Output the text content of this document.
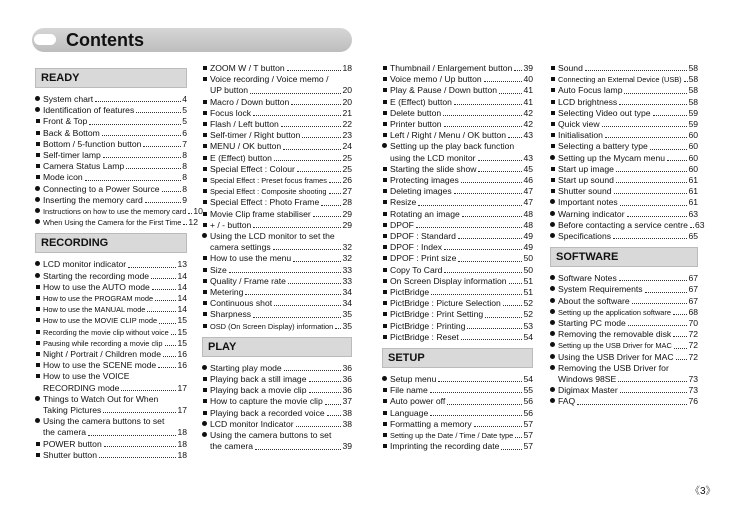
Contents
READY
System chart	4
Identification of features	5
Front & Top	5
Back & Bottom	6
Bottom / 5-function button	7
Self-timer lamp	8
Camera Status Lamp	8
Mode icon	8
Connecting to a Power Source	8
Inserting the memory card	9
Instructions on how to use the memory card 10
When Using the Camera for the First Time 12
RECORDING
LCD monitor indicator	13
Starting the recording mode	14
How to use the AUTO mode	14
How to use the PROGRAM mode	14
How to use the MANUAL mode	14
How to use the MOVIE CLIP mode 15
Recording the movie clip without voice 15
Pausing while recording a movie clip 15
Night / Portrait / Children mode 16
How to use the SCENE mode 16
How to use the VOICE
RECORDING mode	17
Things to Watch Out for When
Taking Pictures	17
Using the camera buttons to set
the camera	18
POWER button	18
Shutter button	18
ZOOM W / T button	18
Voice recording / Voice memo /
UP button	20
Macro / Down button	20
Focus lock	21
Flash / Left button	22
Self-timer / Right button	23
MENU / OK button	24
E (Effect) button	25
Special Effect : Colour	25
Special Effect : Preset focus frames 26
Special Effect : Composite shooting 27
Special Effect : Photo Frame	28
Movie Clip frame stabiliser	29
+ / - button	29
Using the LCD monitor to set the
camera settings	32
How to use the menu	32
Size	33
Quality / Frame rate	33
Metering	34
Continuous shot	34
Sharpness	35
OSD (On Screen Display) information 35
PLAY
Starting play mode	36
Playing back a still image	36
Playing back a movie clip	36
How to capture the movie clip 37
Playing back a recorded voice 38
LCD monitor Indicator	38
Using the camera buttons to set
the camera	39
Thumbnail / Enlargement button 39
Voice memo / Up button	40
Play & Pause / Down button	41
E (Effect) button	41
Delete button	42
Printer button	42
Left / Right / Menu / OK button 43
Setting up the play back function
using the LCD monitor	43
Starting the slide show	45
Protecting images	46
Deleting images	47
Resize	47
Rotating an image	48
DPOF	48
DPOF : Standard	49
DPOF : Index	49
DPOF : Print size	50
Copy To Card	50
On Screen Display information 51
PictBridge	51
PictBridge : Picture Selection	52
PictBridge : Print Setting	52
PictBridge : Printing	53
PictBridge : Reset	54
SETUP
Setup menu	54
File name	55
Auto power off	56
Language	56
Formatting a memory	57
Setting up the Date / Time / Date type 57
Imprinting the recording date	57
Sound	58
Connecting an External Device (USB) 58
Auto Focus lamp	58
LCD brightness	58
Selecting Video out type	59
Quick view	59
Initialisation	60
Selecting a battery type	60
Setting up the Mycam menu	60
Start up image	60
Start up sound	61
Shutter sound	61
Important notes	61
Warning indicator	63
Before contacting a service centre 63
Specifications	65
SOFTWARE
Software Notes	67
System Requirements	67
About the software	67
Setting up the application software 68
Starting PC mode	70
Removing the removable disk 72
Setting up the USB Driver for MAC 72
Using the USB Driver for MAC 72
Removing the USB Driver for
Windows 98SE	73
Digimax Master	73
FAQ	76
《3》
